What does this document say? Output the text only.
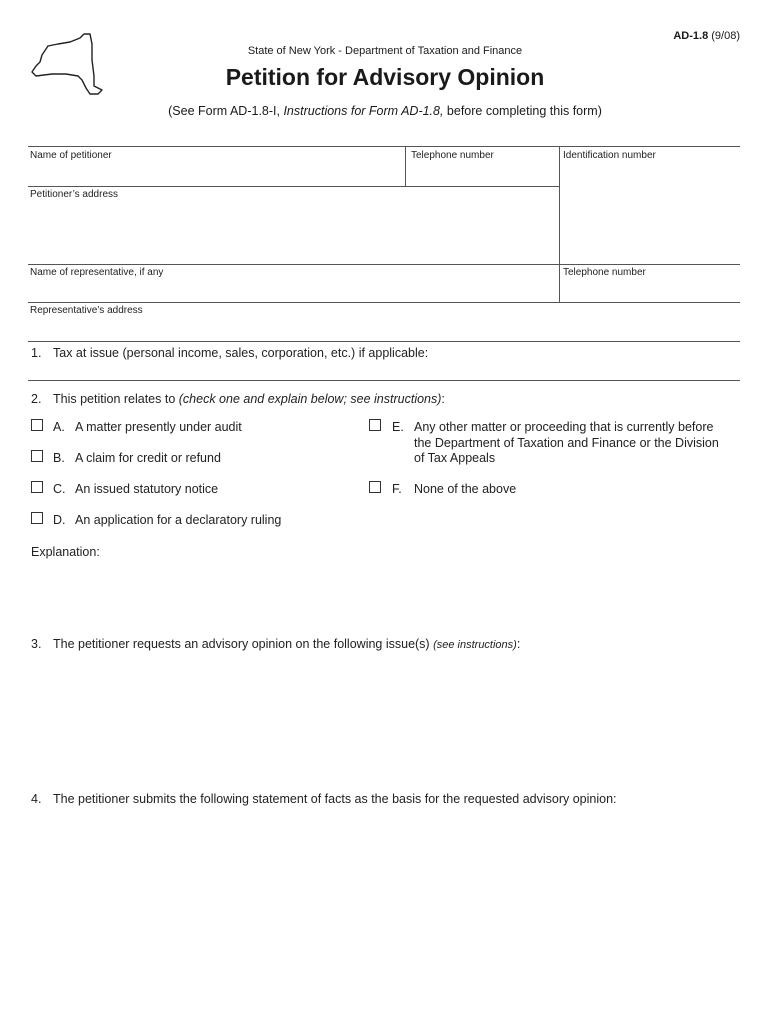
AD-1.8 (9/08)
State of New York - Department of Taxation and Finance
Petition for Advisory Opinion
(See Form AD-1.8-I, Instructions for Form AD-1.8, before completing this form)
Name of petitioner	Telephone number	Identification number
Petitioner’s address
Name of representative, if any	Telephone number
Representative’s address
1. Tax at issue (personal income, sales, corporation, etc.) if applicable:
2. This petition relates to (check one and explain below; see instructions):
A. A matter presently under audit
B. A claim for credit or refund
C. An issued statutory notice
D. An application for a declaratory ruling
E. Any other matter or proceeding that is currently before
the Department of Taxation and Finance or the Division
of Tax Appeals
F. None of the above
Explanation:
3. The petitioner requests an advisory opinion on the following issue(s) (see instructions):
4. The petitioner submits the following statement of facts as the basis for the requested advisory opinion:
